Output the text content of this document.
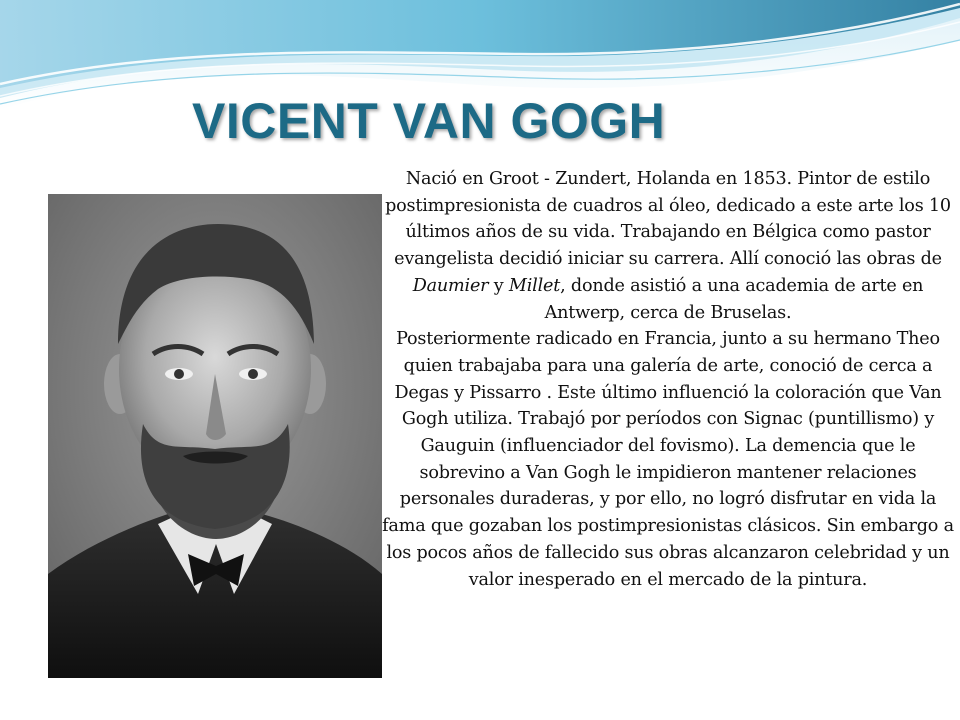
VICENT VAN GOGH

Nació en Groot - Zundert, Holanda en 1853. Pintor de estilo postimpresionista de cuadros al óleo, dedicado a este arte los 10 últimos años de su vida. Trabajando en Bélgica como pastor evangelista decidió iniciar su carrera. Allí conoció las obras de Daumier y Millet, donde asistió a una academia de arte en Antwerp, cerca de Bruselas.

Posteriormente radicado en Francia, junto a su hermano Theo quien trabajaba para una galería de arte, conoció de cerca a Degas y Pissarro . Este último influenció la coloración que Van Gogh utiliza. Trabajó por períodos con Signac (puntillismo) y Gauguin (influenciador del fovismo). La demencia que le sobrevino a Van Gogh le impidieron mantener relaciones personales duraderas, y por ello, no logró disfrutar en vida la fama que gozaban los postimpresionistas clásicos. Sin embargo a los pocos años de fallecido sus obras alcanzaron celebridad y un valor inesperado en el mercado de la pintura.
